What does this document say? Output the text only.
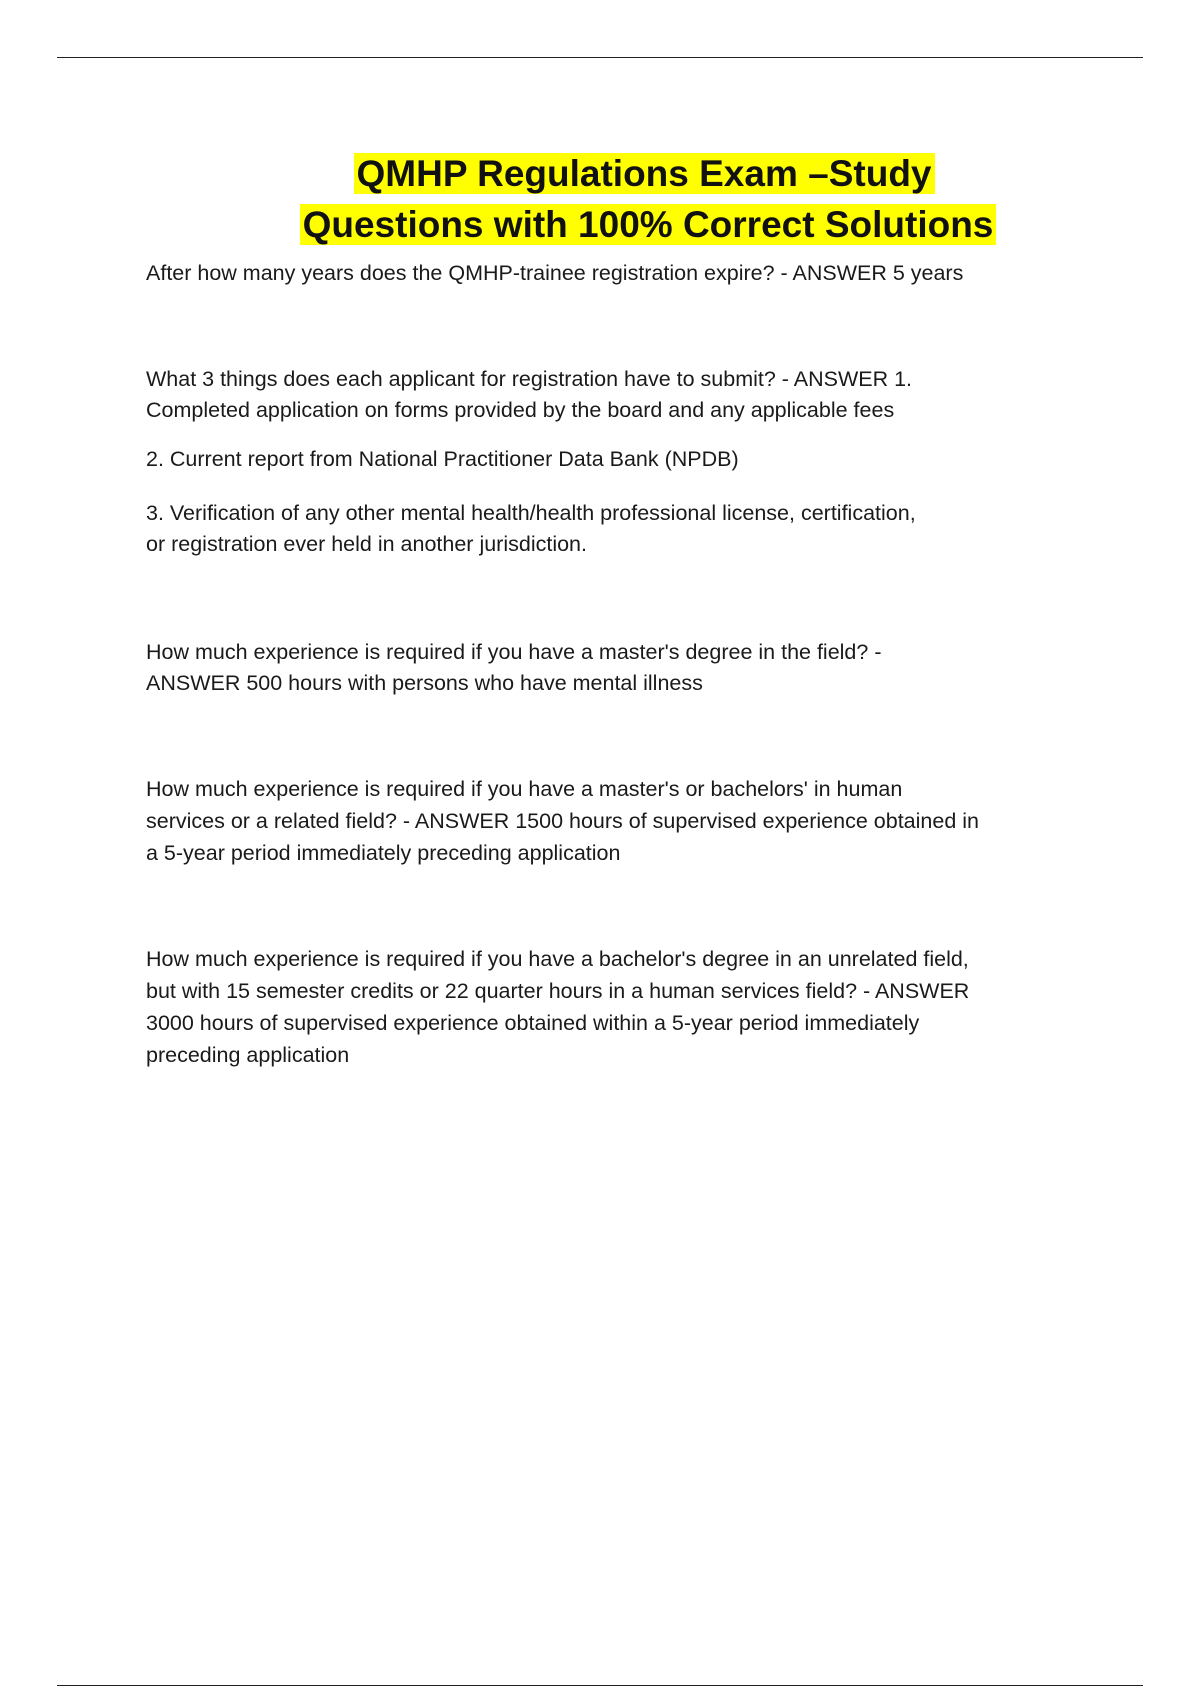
QMHP Regulations Exam –Study
Questions with 100% Correct Solutions

After how many years does the QMHP-trainee registration expire? - ANSWER 5 years

What 3 things does each applicant for registration have to submit? - ANSWER 1.
Completed application on forms provided by the board and any applicable fees

2. Current report from National Practitioner Data Bank (NPDB)

3. Verification of any other mental health/health professional license, certification,
or registration ever held in another jurisdiction.

How much experience is required if you have a master's degree in the field? -
ANSWER 500 hours with persons who have mental illness

How much experience is required if you have a master's or bachelors' in human
services or a related field? - ANSWER 1500 hours of supervised experience obtained in
a 5-year period immediately preceding application

How much experience is required if you have a bachelor's degree in an unrelated field,
but with 15 semester credits or 22 quarter hours in a human services field? - ANSWER
3000 hours of supervised experience obtained within a 5-year period immediately
preceding application
